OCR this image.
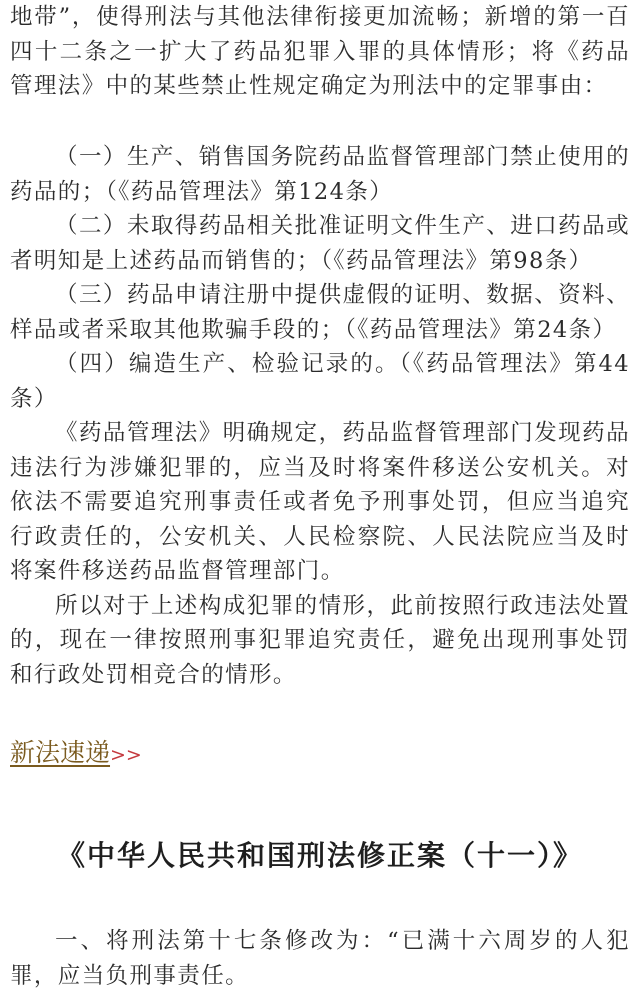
地带”，使得刑法与其他法律衔接更加流畅；新增的第一百四十二条之一扩大了药品犯罪入罪的具体情形；将《药品管理法》中的某些禁止性规定确定为刑法中的定罪事由：

（一）生产、销售国务院药品监督管理部门禁止使用的药品的；（《药品管理法》第124条）

（二）未取得药品相关批准证明文件生产、进口药品或者明知是上述药品而销售的；（《药品管理法》第98条）

（三）药品申请注册中提供虚假的证明、数据、资料、样品或者采取其他欺骗手段的；（《药品管理法》第24条）

（四）编造生产、检验记录的。（《药品管理法》第44条）

《药品管理法》明确规定，药品监督管理部门发现药品违法行为涉嫌犯罪的，应当及时将案件移送公安机关。对依法不需要追究刑事责任或者免予刑事处罚，但应当追究行政责任的，公安机关、人民检察院、人民法院应当及时将案件移送药品监督管理部门。

所以对于上述构成犯罪的情形，此前按照行政违法处置的，现在一律按照刑事犯罪追究责任，避免出现刑事处罚和行政处罚相竞合的情形。

新法速递>>
《中华人民共和国刑法修正案（十一）》

一、将刑法第十七条修改为：“已满十六周岁的人犯罪，应当负刑事责任。
